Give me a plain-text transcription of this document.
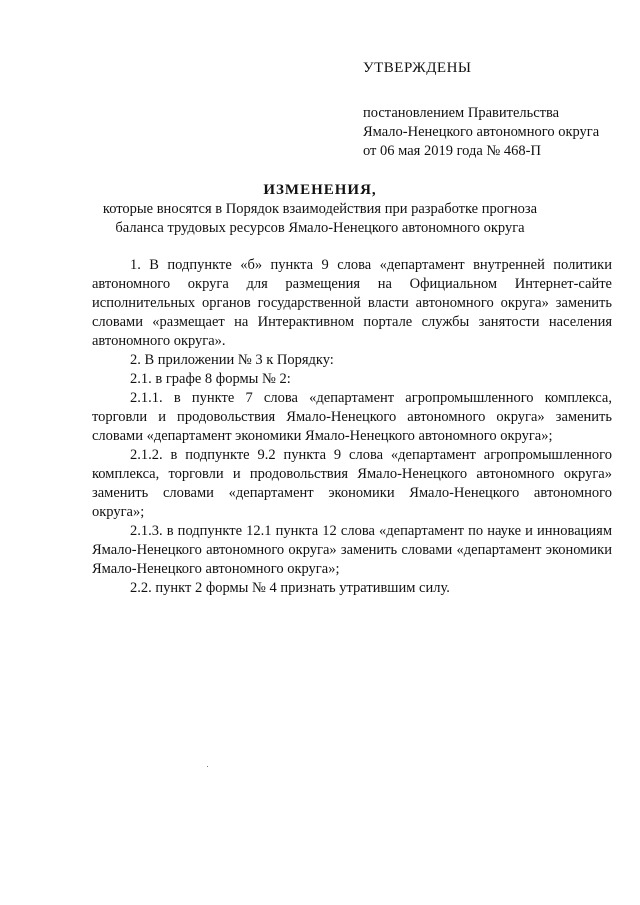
УТВЕРЖДЕНЫ

постановлением Правительства

Ямало-Ненецкого автономного округа

от 06 мая 2019 года № 468-П

ИЗМЕНЕНИЯ,

которые вносятся в Порядок взаимодействия при разработке прогноза

баланса трудовых ресурсов Ямало-Ненецкого автономного округа

1. В подпункте «б» пункта 9 слова «департамент внутренней политики автономного округа для размещения на Официальном Интернет-сайте исполнительных органов государственной власти автономного округа» заменить словами «размещает на Интерактивном портале службы занятости населения автономного округа».

2. В приложении № 3 к Порядку:

2.1. в графе 8 формы № 2:

2.1.1. в пункте 7 слова «департамент агропромышленного комплекса, торговли и продовольствия Ямало-Ненецкого автономного округа» заменить словами «департамент экономики Ямало-Ненецкого автономного округа»;

2.1.2. в подпункте 9.2 пункта 9 слова «департамент агропромышленного комплекса, торговли и продовольствия Ямало-Ненецкого автономного округа» заменить словами «департамент экономики Ямало-Ненецкого автономного округа»;

2.1.3. в подпункте 12.1 пункта 12 слова «департамент по науке и инновациям Ямало-Ненецкого автономного округа» заменить словами «департамент экономики Ямало-Ненецкого автономного округа»;

2.2. пункт 2 формы № 4 признать утратившим силу.
